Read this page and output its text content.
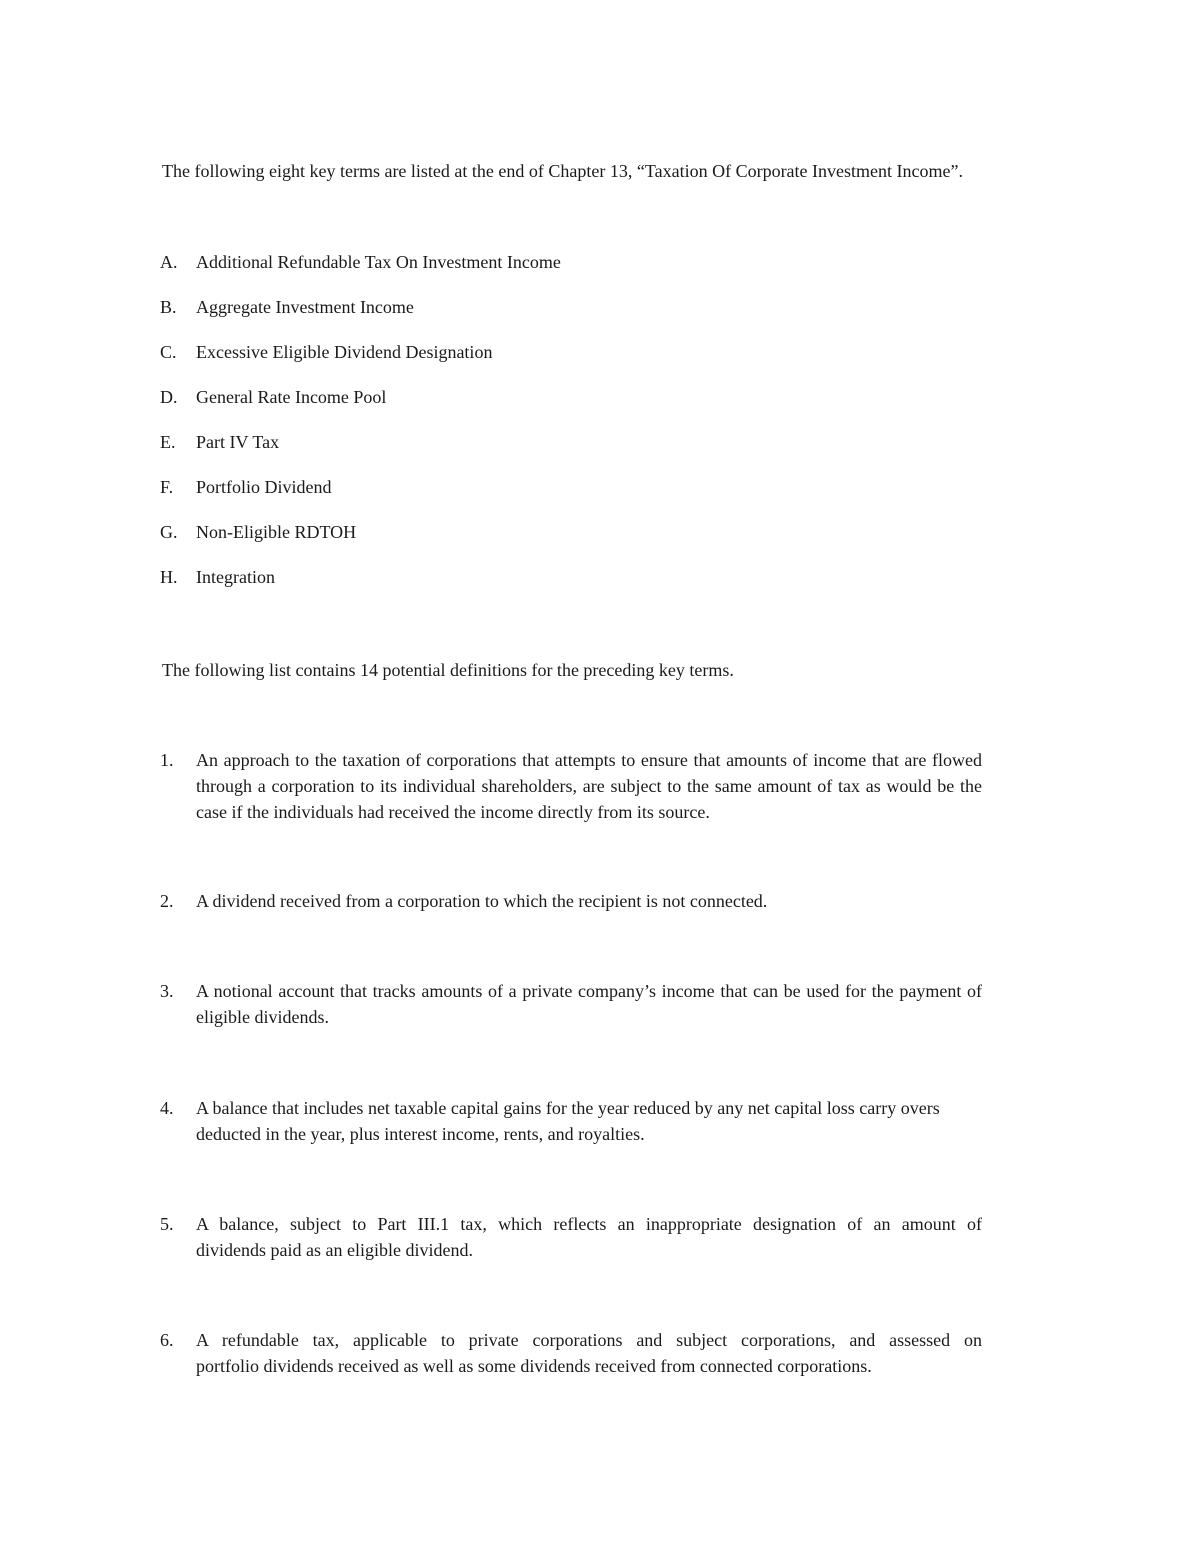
The following eight key terms are listed at the end of Chapter 13, “Taxation Of Corporate Investment Income”.

A. Additional Refundable Tax On Investment Income
B. Aggregate Investment Income
C. Excessive Eligible Dividend Designation
D. General Rate Income Pool
E. Part IV Tax
F. Portfolio Dividend
G. Non-Eligible RDTOH
H. Integration

The following list contains 14 potential definitions for the preceding key terms.

1. An approach to the taxation of corporations that attempts to ensure that amounts of income that are flowed
through a corporation to its individual shareholders, are subject to the same amount of tax as would be the
case if the individuals had received the income directly from its source.
2. A dividend received from a corporation to which the recipient is not connected.
3. A notional account that tracks amounts of a private company’s income that can be used for the payment of
eligible dividends.
4. A balance that includes net taxable capital gains for the year reduced by any net capital loss carry overs
deducted in the year, plus interest income, rents, and royalties.
5. A balance, subject to Part III.1 tax, which reflects an inappropriate designation of an amount of
dividends paid as an eligible dividend.
6. A refundable tax, applicable to private corporations and subject corporations, and assessed on
portfolio dividends received as well as some dividends received from connected corporations.
